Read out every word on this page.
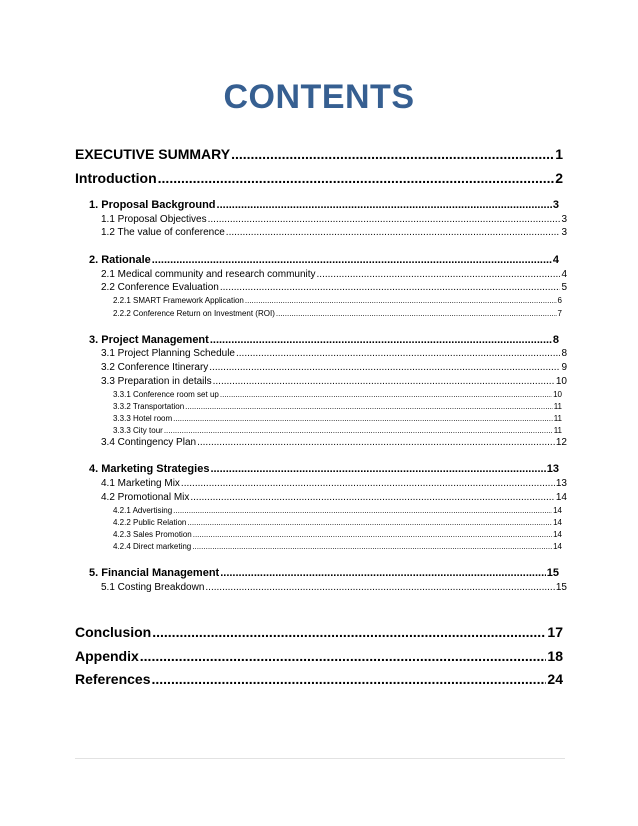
CONTENTS
EXECUTIVE SUMMARY .....	1
Introduction .....	2
1. Proposal Background .....	3
1.1 Proposal Objectives .....	3
1.2 The value of conference .....	3
2. Rationale .....	4
2.1 Medical community and research community .....	4
2.2 Conference Evaluation .....	5
2.2.1 SMART Framework Application .....	6
2.2.2 Conference Return on Investment (ROI) .....	7
3. Project Management .....	8
3.1 Project Planning Schedule .....	8
3.2 Conference Itinerary .....	9
3.3 Preparation in details .....	10
3.3.1 Conference room set up .....	10
3.3.2 Transportation .....	11
3.3.3 Hotel room .....	11
3.3.3 City tour .....	11
3.4 Contingency Plan .....	12
4. Marketing Strategies .....	13
4.1 Marketing Mix .....	13
4.2 Promotional Mix .....	14
4.2.1 Advertising .....	14
4.2.2 Public Relation .....	14
4.2.3 Sales Promotion .....	14
4.2.4 Direct marketing .....	14
5. Financial Management .....	15
5.1 Costing Breakdown .....	15
Conclusion .....	17
Appendix .....	18
References .....	24
